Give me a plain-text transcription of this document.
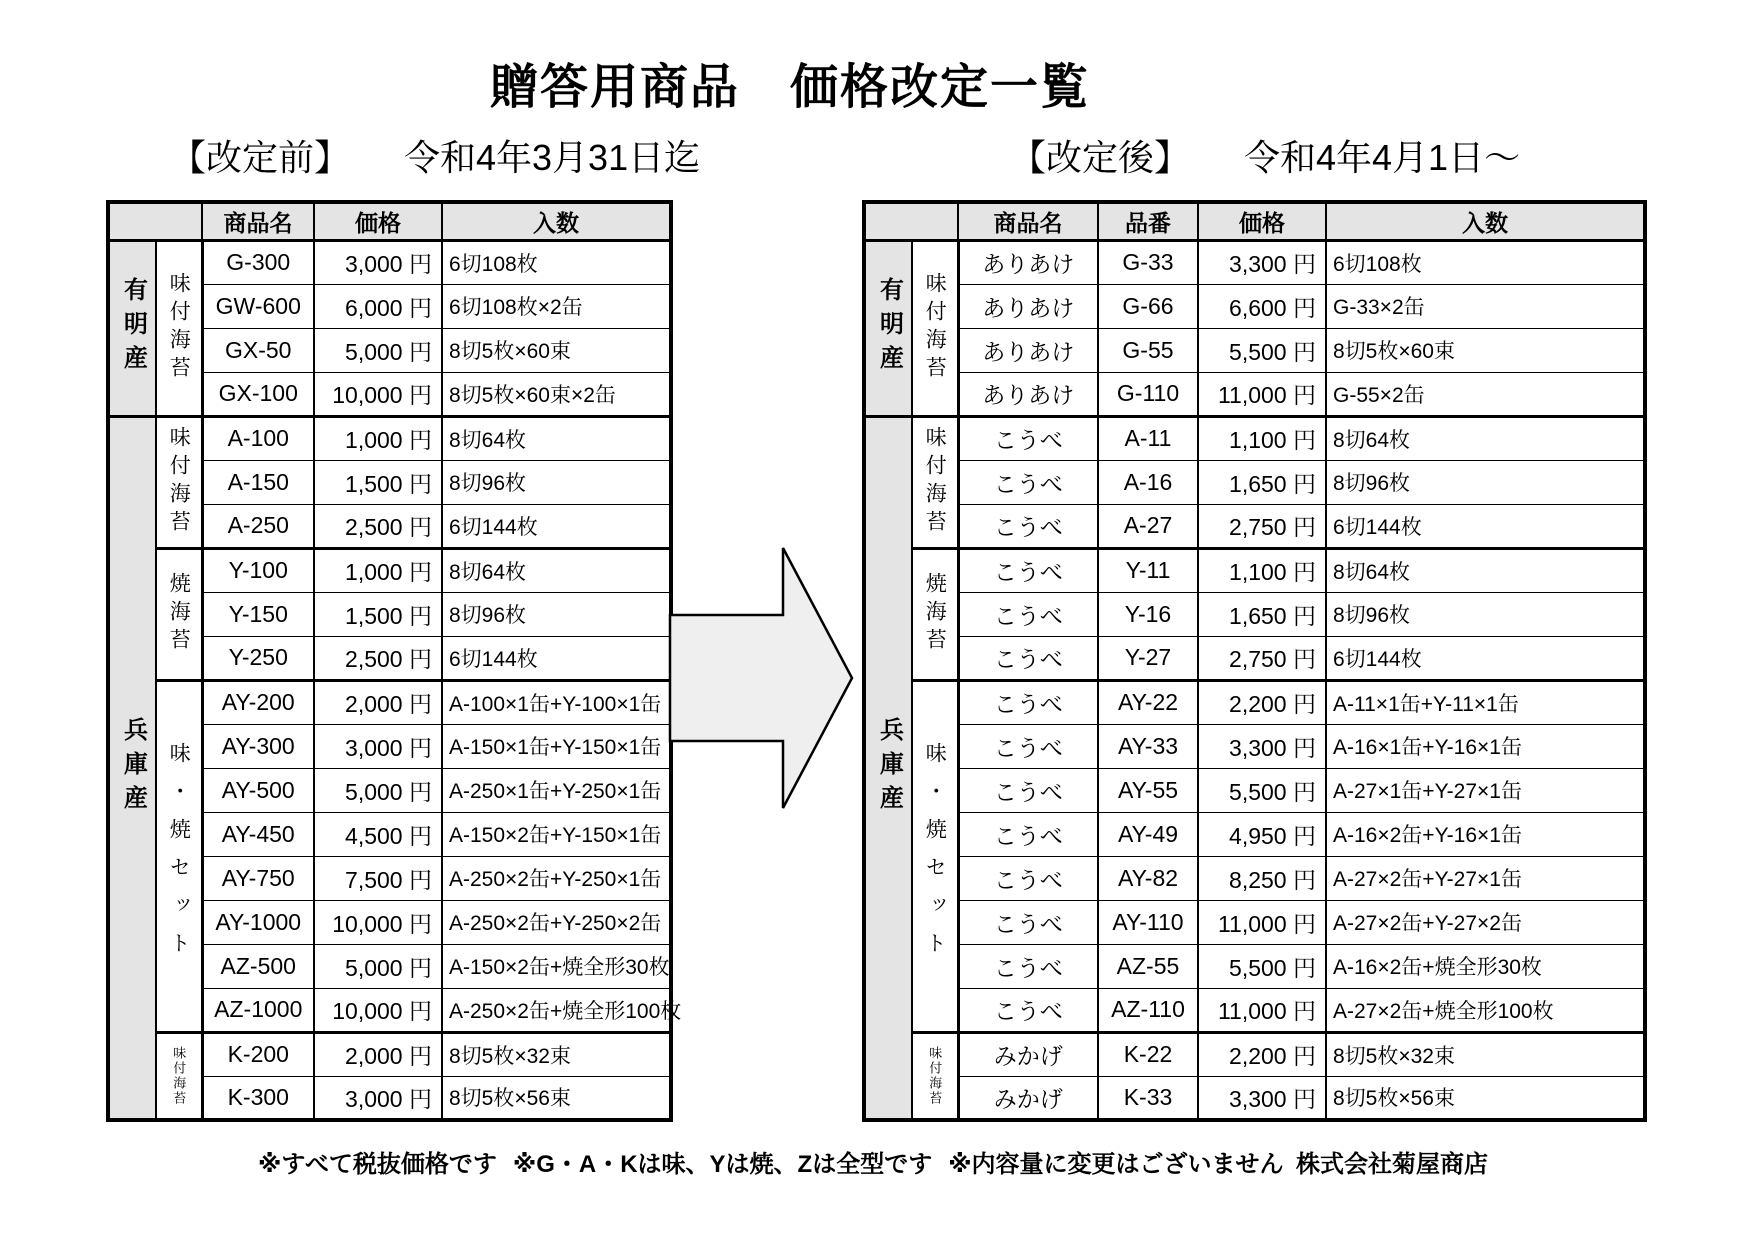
贈答用商品　価格改定一覧
【改定前】 令和4年3月31日迄	【改定後】 令和4年4月1日〜
		商品名	価格	入数

有明産	味付海苔	G-300	3,000 円	6切108枚
		GW-600	6,000 円	6切108枚×2缶
		GX-50	5,000 円	8切5枚×60束
		GX-100	10,000 円	8切5枚×60束×2缶

兵庫産	味付海苔	A-100	1,000 円	8切64枚
		A-150	1,500 円	8切96枚
		A-250	2,500 円	6切144枚

	焼海苔	Y-100	1,000 円	8切64枚
		Y-150	1,500 円	8切96枚
		Y-250	2,500 円	6切144枚

	味・焼セット	AY-200	2,000 円	A-100×1缶+Y-100×1缶
		AY-300	3,000 円	A-150×1缶+Y-150×1缶
		AY-500	5,000 円	A-250×1缶+Y-250×1缶
		AY-450	4,500 円	A-150×2缶+Y-150×1缶
		AY-750	7,500 円	A-250×2缶+Y-250×1缶
		AY-1000	10,000 円	A-250×2缶+Y-250×2缶
		AZ-500	5,000 円	A-150×2缶+焼全形30枚
		AZ-1000	10,000 円	A-250×2缶+焼全形100枚

	味付海苔	K-200	2,000 円	8切5枚×32束
		K-300	3,000 円	8切5枚×56束
		商品名	品番	価格	入数

有明産	味付海苔	ありあけ	G-33	3,300 円	6切108枚
		ありあけ	G-66	6,600 円	G-33×2缶
		ありあけ	G-55	5,500 円	8切5枚×60束
		ありあけ	G-110	11,000 円	G-55×2缶

兵庫産	味付海苔	こうべ	A-11	1,100 円	8切64枚
		こうべ	A-16	1,650 円	8切96枚
		こうべ	A-27	2,750 円	6切144枚

	焼海苔	こうべ	Y-11	1,100 円	8切64枚
		こうべ	Y-16	1,650 円	8切96枚
		こうべ	Y-27	2,750 円	6切144枚

	味・焼セット	こうべ	AY-22	2,200 円	A-11×1缶+Y-11×1缶
		こうべ	AY-33	3,300 円	A-16×1缶+Y-16×1缶
		こうべ	AY-55	5,500 円	A-27×1缶+Y-27×1缶
		こうべ	AY-49	4,950 円	A-16×2缶+Y-16×1缶
		こうべ	AY-82	8,250 円	A-27×2缶+Y-27×1缶
		こうべ	AY-110	11,000 円	A-27×2缶+Y-27×2缶
		こうべ	AZ-55	5,500 円	A-16×2缶+焼全形30枚
		こうべ	AZ-110	11,000 円	A-27×2缶+焼全形100枚

	味付海苔	みかげ	K-22	2,200 円	8切5枚×32束
		みかげ	K-33	3,300 円	8切5枚×56束
※すべて税抜価格です ※G・A・Kは味、Yは焼、Zは全型です ※内容量に変更はございません 株式会社菊屋商店
